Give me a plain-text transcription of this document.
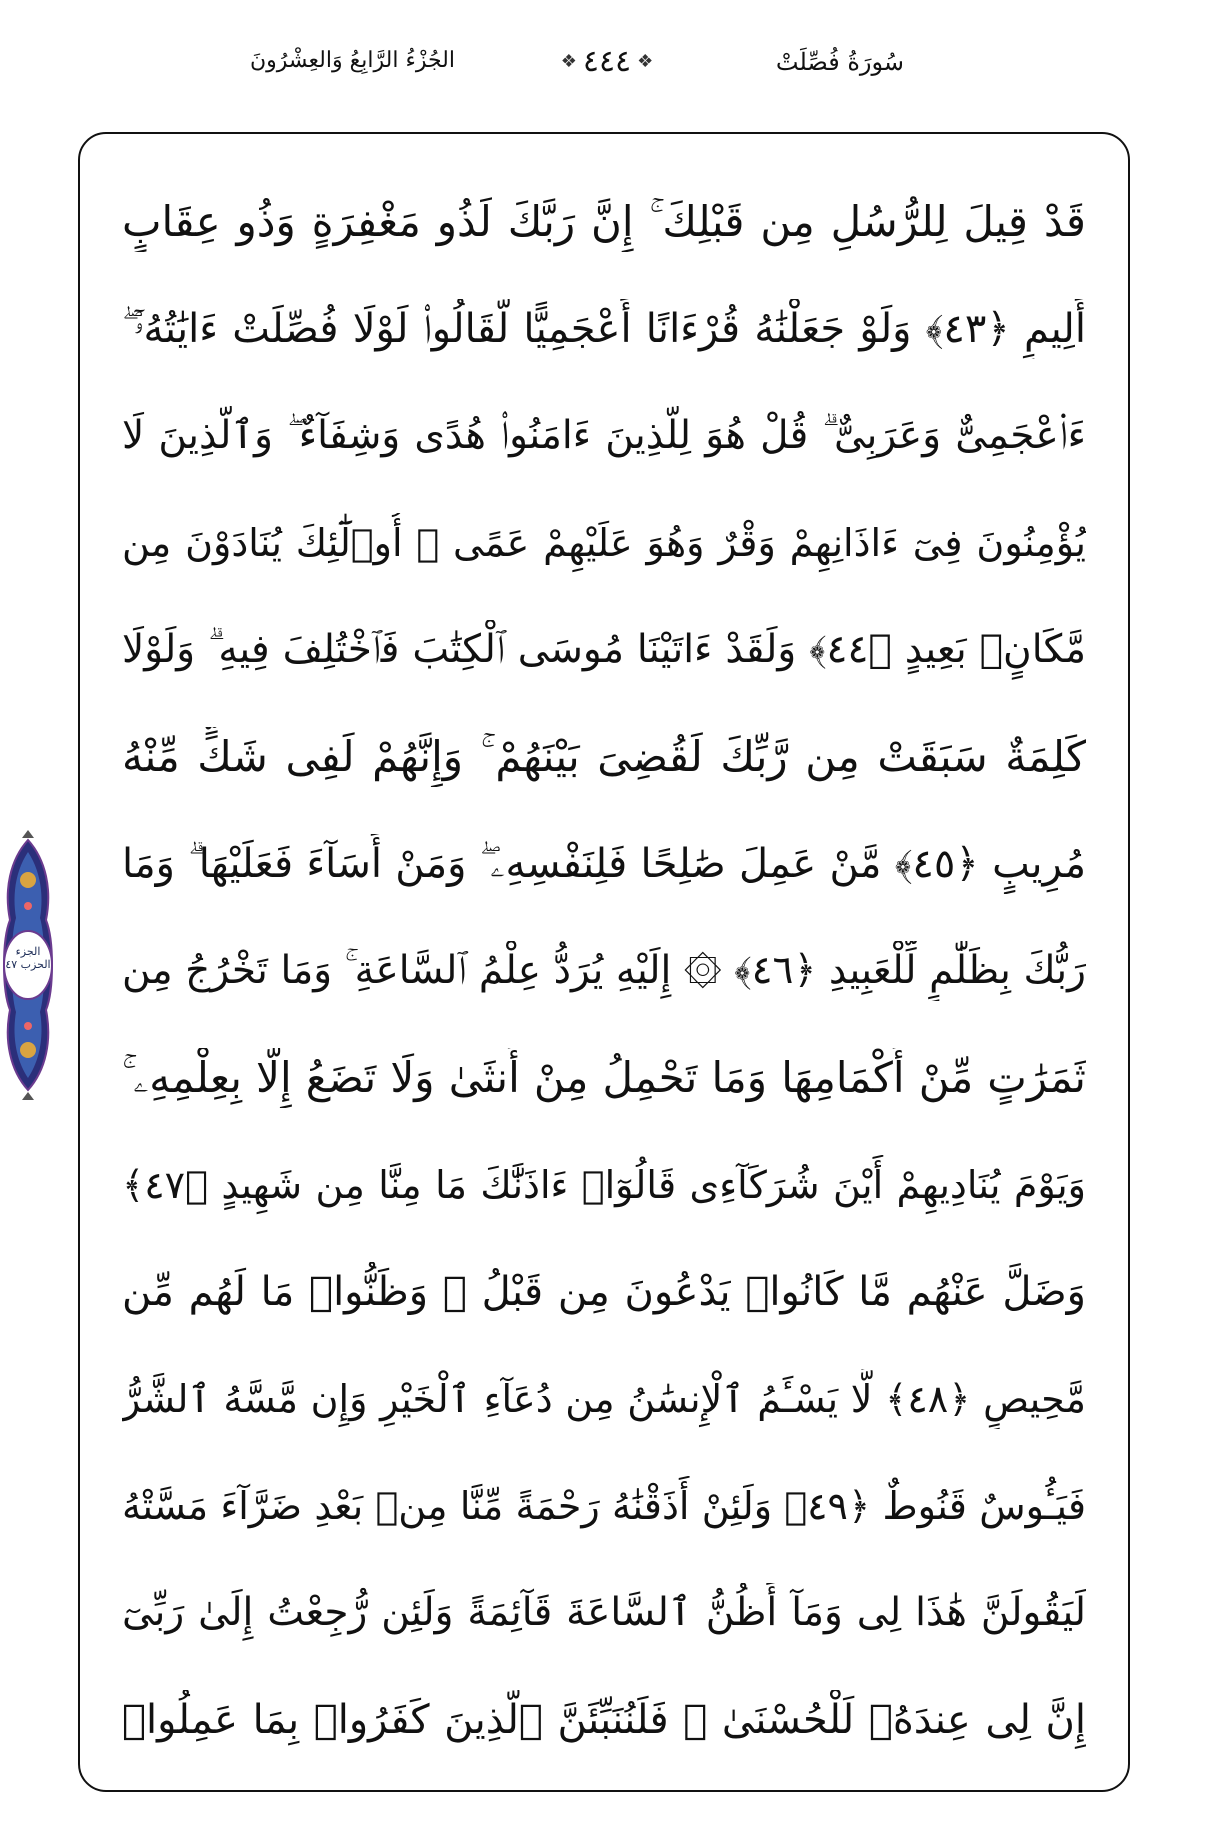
سُورَةُ فُصِّلَتْ
❖
٤٤٤
❖
الجُزْءُ الرَّابِعُ وَالعِشْرُونَ
الجزء
الحزب ٤٧
قَدْ قِيلَ لِلرُّسُلِ مِن قَبْلِكَ ۚ إِنَّ رَبَّكَ لَذُو مَغْفِرَةٍ وَذُو عِقَابٍ
أَلِيمٍ ﴿٤٣﴾ وَلَوْ جَعَلْنَٰهُ قُرْءَانًا أَعْجَمِيًّا لَّقَالُوا۟ لَوْلَا فُصِّلَتْ ءَايَٰتُهُۥٓ ۖ
ءَا۬عْجَمِىٌّ وَعَرَبِىٌّ ۗ قُلْ هُوَ لِلَّذِينَ ءَامَنُوا۟ هُدًى وَشِفَآءٌ ۖ وَٱلَّذِينَ لَا
يُؤْمِنُونَ فِىٓ ءَاذَانِهِمْ وَقْرٌ وَهُوَ عَلَيْهِمْ عَمًى ۚ أُو۟لَٰٓئِكَ يُنَادَوْنَ مِن
مَّكَانٍۭ بَعِيدٍ ﴿٤٤﴾ وَلَقَدْ ءَاتَيْنَا مُوسَى ٱلْكِتَٰبَ فَٱخْتُلِفَ فِيهِ ۗ وَلَوْلَا
كَلِمَةٌ سَبَقَتْ مِن رَّبِّكَ لَقُضِىَ بَيْنَهُمْ ۚ وَإِنَّهُمْ لَفِى شَكٍّ مِّنْهُ
مُرِيبٍ ﴿٤٥﴾ مَّنْ عَمِلَ صَٰلِحًا فَلِنَفْسِهِۦ ۖ وَمَنْ أَسَآءَ فَعَلَيْهَا ۗ وَمَا
رَبُّكَ بِظَلَّٰمٍ لِّلْعَبِيدِ ﴿٤٦﴾ ۞ إِلَيْهِ يُرَدُّ عِلْمُ ٱلسَّاعَةِ ۚ وَمَا تَخْرُجُ مِن
ثَمَرَٰتٍ مِّنْ أَكْمَامِهَا وَمَا تَحْمِلُ مِنْ أُنثَىٰ وَلَا تَضَعُ إِلَّا بِعِلْمِهِۦ ۚ
وَيَوْمَ يُنَادِيهِمْ أَيْنَ شُرَكَآءِى قَالُوٓا۟ ءَاذَنَّٰكَ مَا مِنَّا مِن شَهِيدٍ ﴿٤٧﴾
وَضَلَّ عَنْهُم مَّا كَانُوا۟ يَدْعُونَ مِن قَبْلُ ۖ وَظَنُّوا۟ مَا لَهُم مِّن
مَّحِيصٍ ﴿٤٨﴾ لَّا يَسْـَٔمُ ٱلْإِنسَٰنُ مِن دُعَآءِ ٱلْخَيْرِ وَإِن مَّسَّهُ ٱلشَّرُّ
فَيَـُٔوسٌ قَنُوطٌ ﴿٤٩﴾ وَلَئِنْ أَذَقْنَٰهُ رَحْمَةً مِّنَّا مِنۢ بَعْدِ ضَرَّآءَ مَسَّتْهُ
لَيَقُولَنَّ هَٰذَا لِى وَمَآ أَظُنُّ ٱلسَّاعَةَ قَآئِمَةً وَلَئِن رُّجِعْتُ إِلَىٰ رَبِّىٓ
إِنَّ لِى عِندَهُۥ لَلْحُسْنَىٰ ۚ فَلَنُنَبِّئَنَّ ٱلَّذِينَ كَفَرُوا۟ بِمَا عَمِلُوا۟
